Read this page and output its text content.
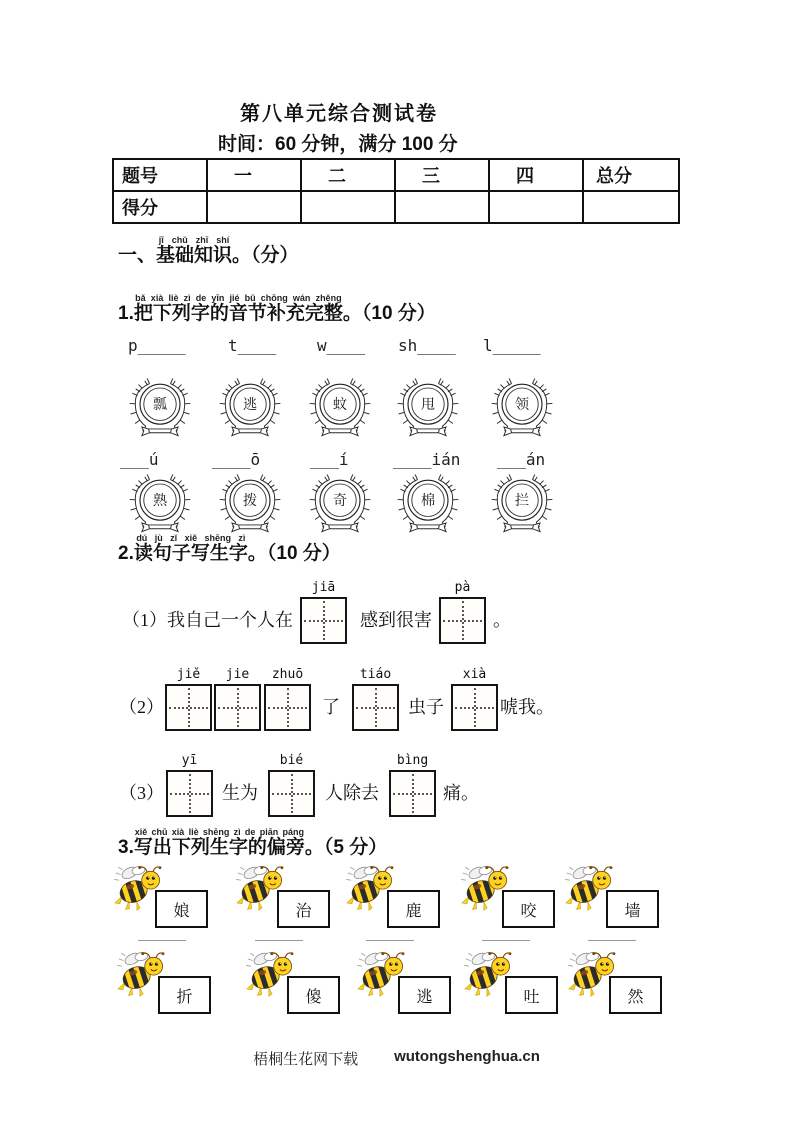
第八单元综合测试卷
时间：60 分钟，满分 100 分
题号	一	二	三	四	总分
得分					
一、基础知识jī chǔ zhī shí。（分）
1.把下列字的音节补充完整bǎ xià liè zì de yīn jié bǔ chōng wán zhěng。（10 分）
p_____	t____	w____ sh____ l_____
瓢	逃	蚊	甩	领
___ú	____ō	___í	____ián ___án
熟	拨	奇	棉	拦
2.读句子写生字dú jù zǐ xiě shēng zì。（10 分）
（1）我自己一个人在
jiā
感到很害
pà
。
（2）
jiě	jie	zhuō
了
tiáo
虫子
xià
唬我。
（3）
yī
生为
bié
人除去
bìng
痛。
3.写出下列生字的偏旁xiě chū xià liè shēng zì de piān páng。（5 分）
娘	治	鹿	咬	墙
折	傻	逃	吐	然
梧桐生花网下载 wutongshenghua.cn
